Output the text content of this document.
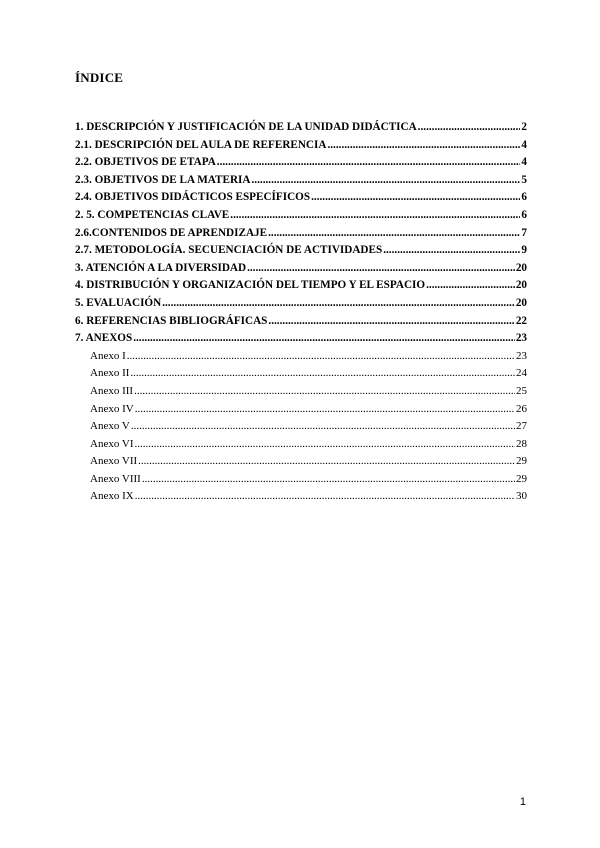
ÍNDICE
1. DESCRIPCIÓN Y JUSTIFICACIÓN DE LA UNIDAD DIDÁCTICA .....	2
2.1. DESCRIPCIÓN DEL AULA DE REFERENCIA .....	4
2.2. OBJETIVOS DE ETAPA .....	4
2.3. OBJETIVOS DE LA MATERIA .....	5
2.4. OBJETIVOS DIDÁCTICOS ESPECÍFICOS .....	6
2. 5. COMPETENCIAS CLAVE .....	6
2.6.CONTENIDOS DE APRENDIZAJE .....	7
2.7. METODOLOGÍA. SECUENCIACIÓN DE ACTIVIDADES .....	9
3. ATENCIÓN A LA DIVERSIDAD .....	20
4. DISTRIBUCIÓN Y ORGANIZACIÓN DEL TIEMPO Y EL ESPACIO .....	20
5. EVALUACIÓN .....	20
6. REFERENCIAS BIBLIOGRÁFICAS .....	22
7. ANEXOS .....	23
Anexo I .....	23
Anexo II .....	24
Anexo III .....	25
Anexo IV .....	26
Anexo V .....	27
Anexo VI .....	28
Anexo VII .....	29
Anexo VIII .....	29
Anexo IX .....	30
1
